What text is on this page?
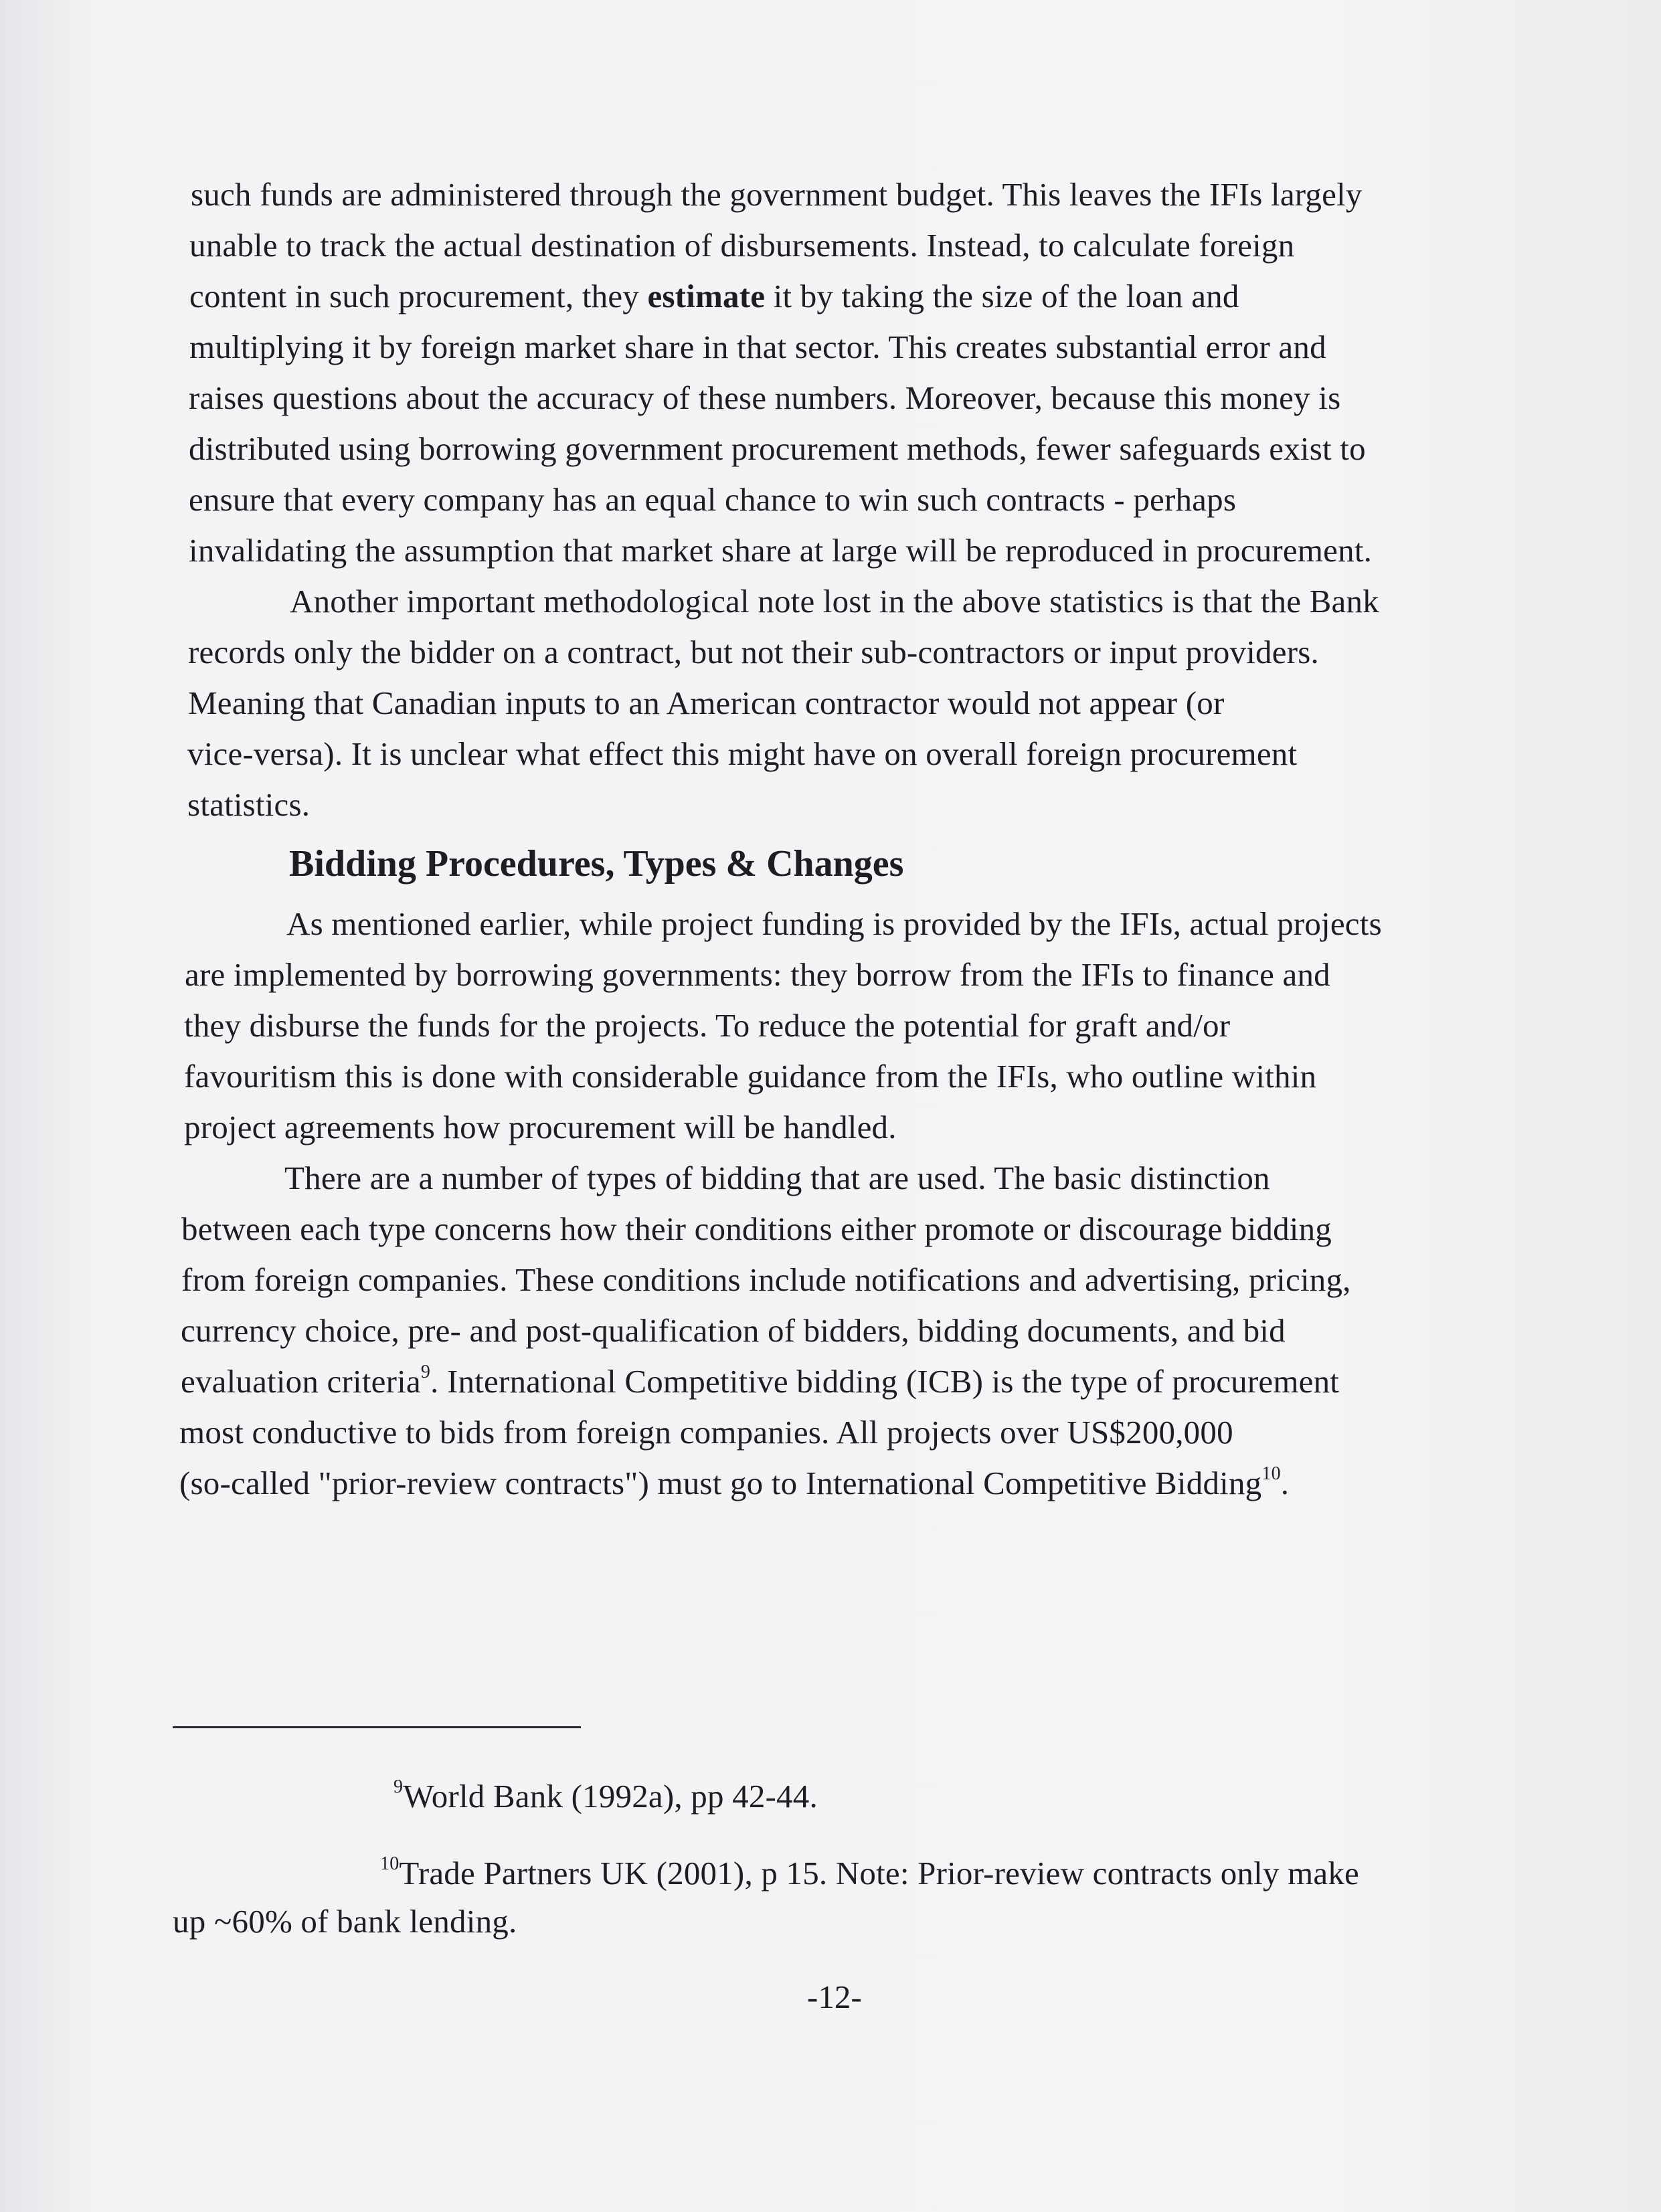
such funds are administered through the government budget. This leaves the IFIs largely
unable to track the actual destination of disbursements. Instead, to calculate foreign
content in such procurement, they estimate it by taking the size of the loan and
multiplying it by foreign market share in that sector. This creates substantial error and
raises questions about the accuracy of these numbers. Moreover, because this money is
distributed using borrowing government procurement methods, fewer safeguards exist to
ensure that every company has an equal chance to win such contracts - perhaps
invalidating the assumption that market share at large will be reproduced in procurement.
Another important methodological note lost in the above statistics is that the Bank
records only the bidder on a contract, but not their sub-contractors or input providers.
Meaning that Canadian inputs to an American contractor would not appear (or
vice-versa). It is unclear what effect this might have on overall foreign procurement
statistics.
Bidding Procedures, Types & Changes
As mentioned earlier, while project funding is provided by the IFIs, actual projects
are implemented by borrowing governments: they borrow from the IFIs to finance and
they disburse the funds for the projects. To reduce the potential for graft and/or
favouritism this is done with considerable guidance from the IFIs, who outline within
project agreements how procurement will be handled.
There are a number of types of bidding that are used. The basic distinction
between each type concerns how their conditions either promote or discourage bidding
from foreign companies. These conditions include notifications and advertising, pricing,
currency choice, pre- and post-qualification of bidders, bidding documents, and bid
evaluation criteria$^9$. International Competitive bidding (ICB) is the type of procurement
most conductive to bids from foreign companies. All projects over US$200,000
(so-called "prior-review contracts") must go to International Competitive Bidding$^{10}$.
$^9$World Bank (1992a), pp 42-44.
$^{10}$Trade Partners UK (2001), p 15. Note: Prior-review contracts only make
up ~60% of bank lending.
-12-
